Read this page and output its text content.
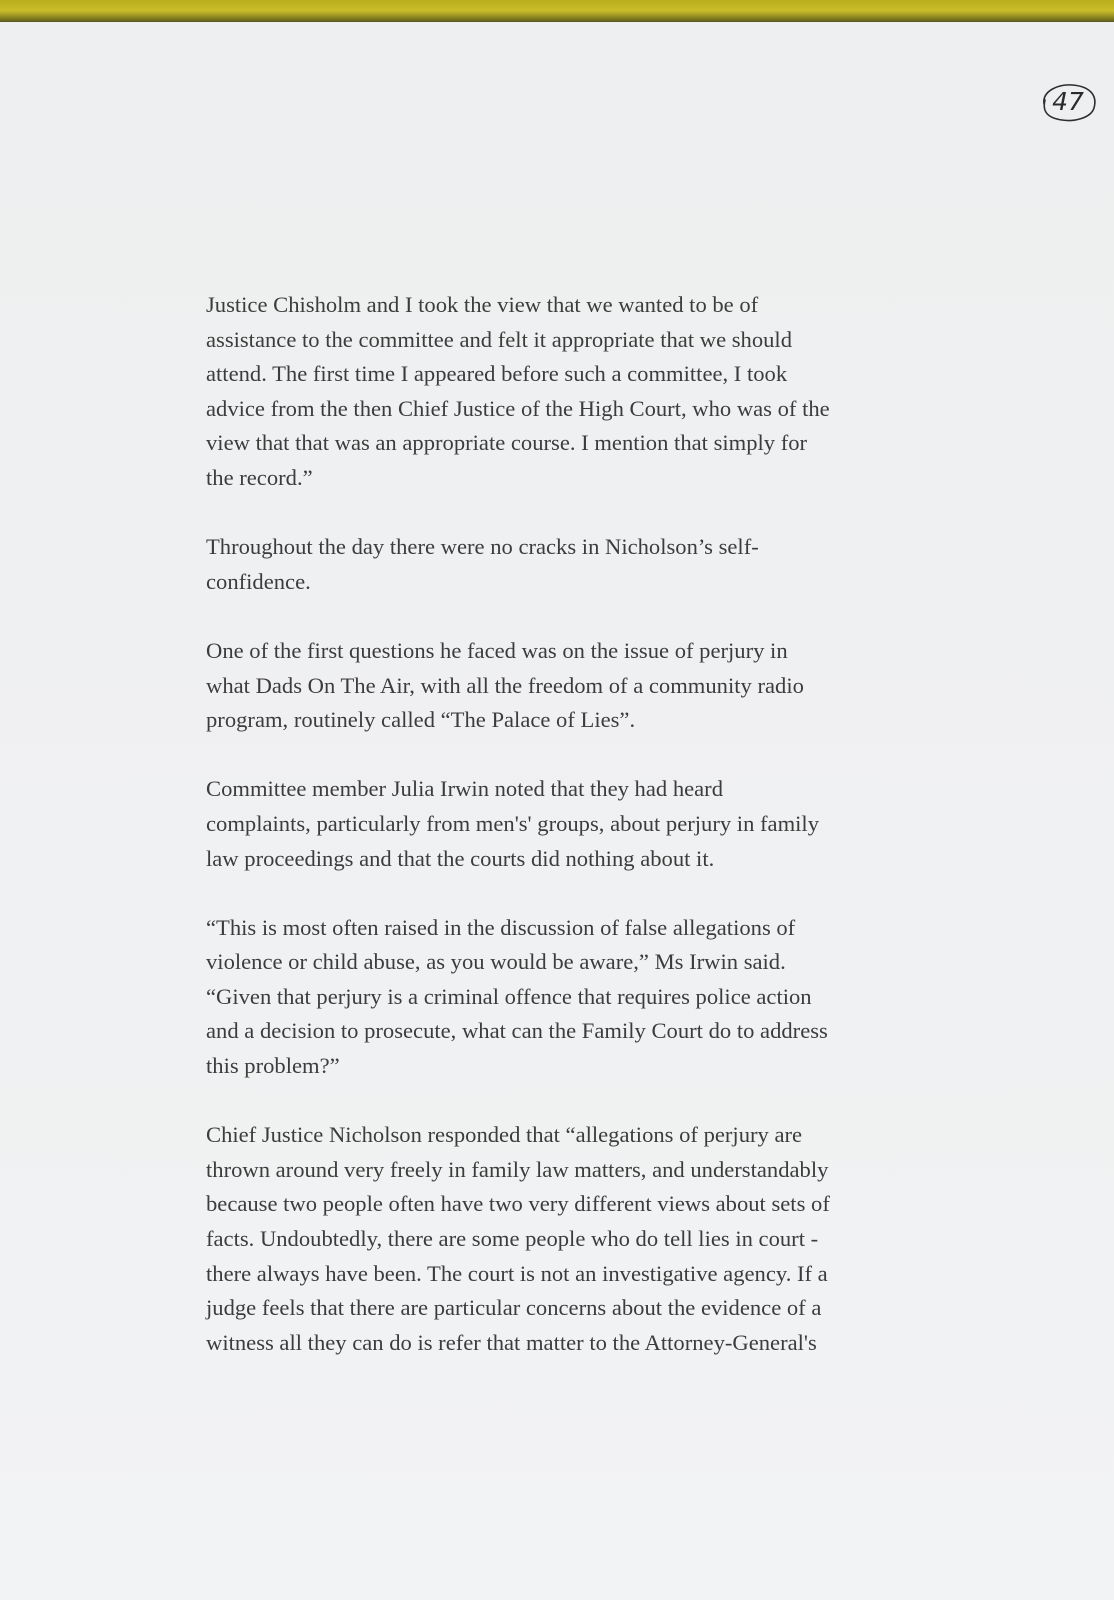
47
Justice Chisholm and I took the view that we wanted to be of
assistance to the committee and felt it appropriate that we should
attend. The first time I appeared before such a committee, I took
advice from the then Chief Justice of the High Court, who was of the
view that that was an appropriate course. I mention that simply for
the record.”
Throughout the day there were no cracks in Nicholson’s self-
confidence.
One of the first questions he faced was on the issue of perjury in
what Dads On The Air, with all the freedom of a community radio
program, routinely called “The Palace of Lies”.
Committee member Julia Irwin noted that they had heard
complaints, particularly from men's' groups, about perjury in family
law proceedings and that the courts did nothing about it.
“This is most often raised in the discussion of false allegations of
violence or child abuse, as you would be aware,” Ms Irwin said.
“Given that perjury is a criminal offence that requires police action
and a decision to prosecute, what can the Family Court do to address
this problem?”
Chief Justice Nicholson responded that “allegations of perjury are
thrown around very freely in family law matters, and understandably
because two people often have two very different views about sets of
facts. Undoubtedly, there are some people who do tell lies in court -
there always have been. The court is not an investigative agency. If a
judge feels that there are particular concerns about the evidence of a
witness all they can do is refer that matter to the Attorney-General's
